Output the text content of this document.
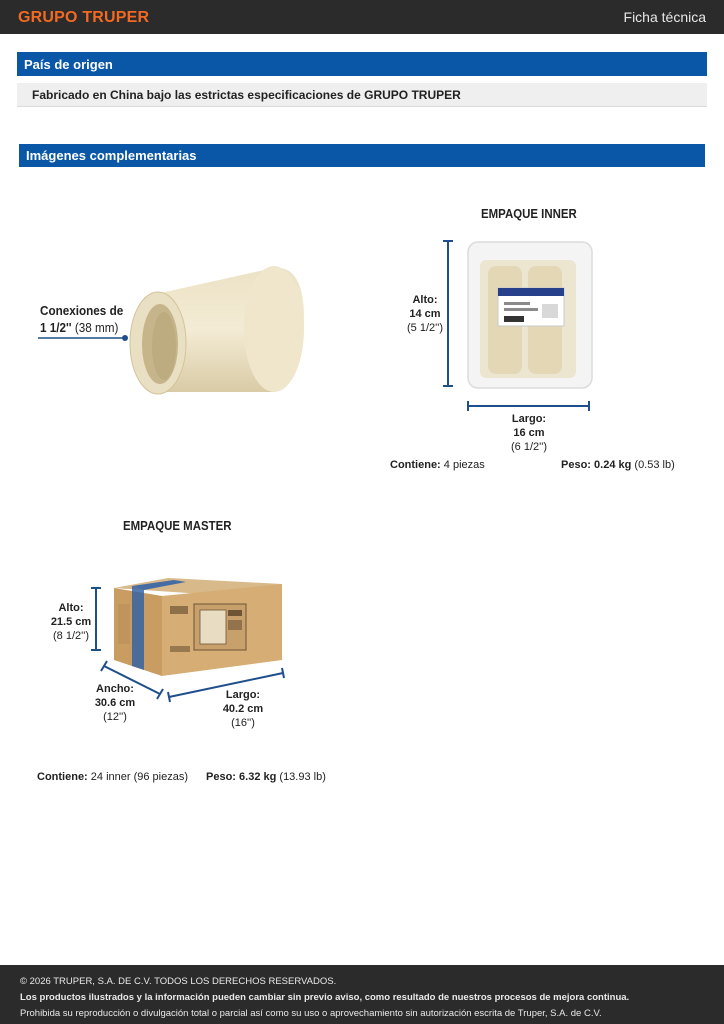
GRUPO TRUPER	Ficha técnica
País de origen
Fabricado en China bajo las estrictas especificaciones de GRUPO TRUPER
Imágenes complementarias
Conexiones de
1 1/2'' (38 mm)
EMPAQUE INNER
Alto:
14 cm
(5 1/2'')
Largo:
16 cm
(6 1/2'')
Contiene: 4 piezas	Peso: 0.24 kg (0.53 lb)
EMPAQUE MASTER
Alto:
21.5 cm
(8 1/2'')
Ancho:
30.6 cm
(12'')
Largo:
40.2 cm
(16'')
Contiene: 24 inner (96 piezas) Peso: 6.32 kg (13.93 lb)
© 2026 TRUPER, S.A. DE C.V. TODOS LOS DERECHOS RESERVADOS.
Los productos ilustrados y la información pueden cambiar sin previo aviso, como resultado de nuestros procesos de mejora continua.
Prohibida su reproducción o divulgación total o parcial así como su uso o aprovechamiento sin autorización escrita de Truper, S.A. de C.V.
